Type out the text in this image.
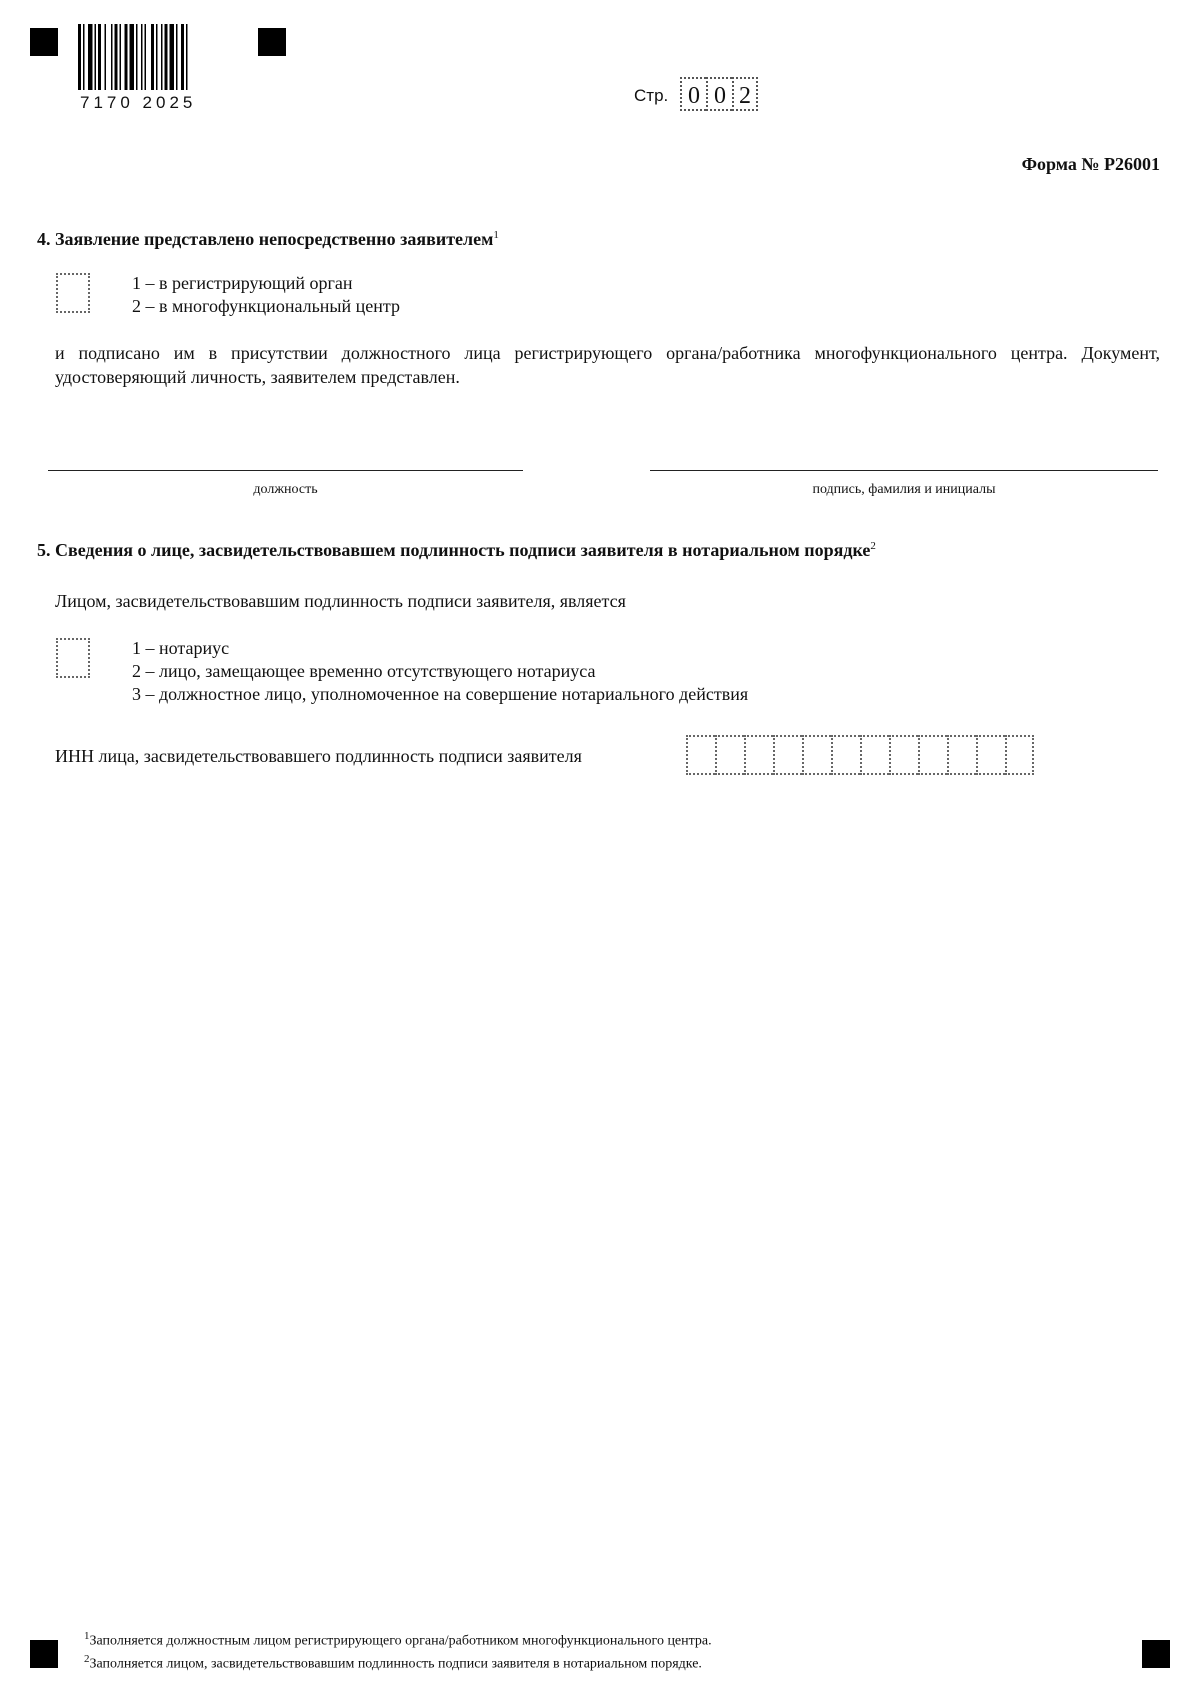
7170 2025	Стр. 0 0 2
Форма № Р26001
4. Заявление представлено непосредственно заявителем$^1$
1 – в регистрирующий орган
2 – в многофункциональный центр
и подписано им в присутствии должностного лица регистрирующего органа/работника многофункционального центра. Документ, удостоверяющий личность, заявителем представлен.
должность	подпись, фамилия и инициалы
5. Сведения о лице, засвидетельствовавшем подлинность подписи заявителя в нотариальном порядке$^2$
Лицом, засвидетельствовавшим подлинность подписи заявителя, является
1 – нотариус
2 – лицо, замещающее временно отсутствующего нотариуса
3 – должностное лицо, уполномоченное на совершение нотариального действия
ИНН лица, засвидетельствовавшего подлинность подписи заявителя
$^1$Заполняется должностным лицом регистрирующего органа/работником многофункционального центра.
$^2$Заполняется лицом, засвидетельствовавшим подлинность подписи заявителя в нотариальном порядке.
